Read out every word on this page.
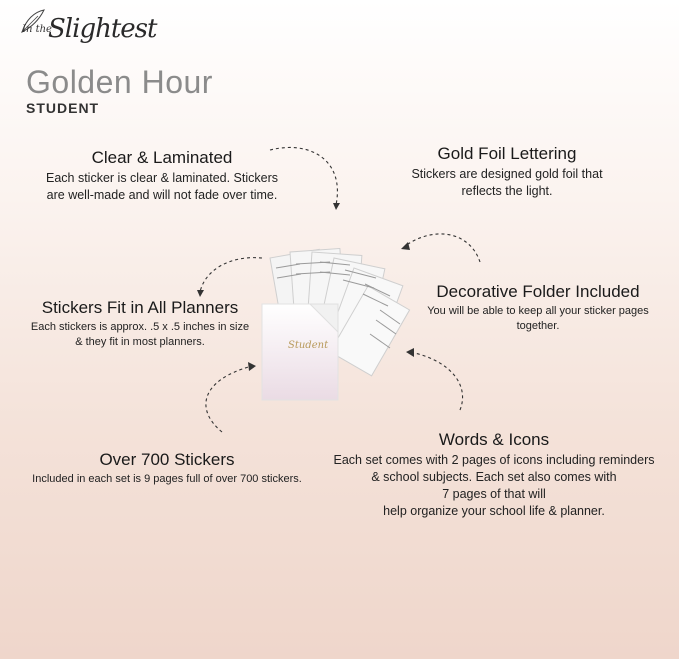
In the
Slightest
Golden Hour
STUDENT
Student
Clear & Laminated

Each sticker is clear & laminated. Stickers
are well-made and will not fade over time.

Gold Foil Lettering

Stickers are designed gold foil that
reflects the light.

Stickers Fit in All Planners

Each stickers is approx. .5 x .5 inches in size
& they fit in most planners.

Decorative Folder Included

You will be able to keep all your sticker pages
together.

Over 700 Stickers

Included in each set is 9 pages full of over 700 stickers.

Words & Icons

Each set comes with 2 pages of icons including reminders
& school subjects. Each set also comes with
7 pages of that will
help organize your school life & planner.
